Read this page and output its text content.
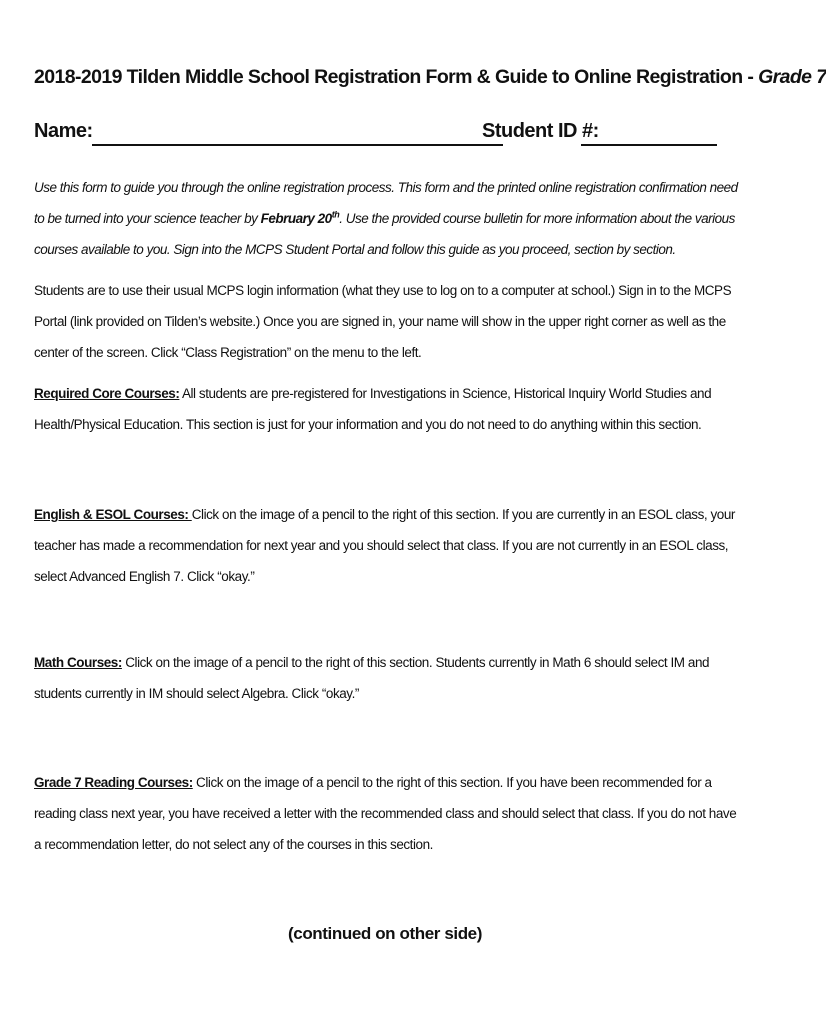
2018-2019 Tilden Middle School Registration Form & Guide to Online Registration - Grade 7
Name:	Student ID #:
Use this form to guide you through the online registration process. This form and the printed online registration confirmation need to be turned into your science teacher by February 20th. Use the provided course bulletin for more information about the various courses available to you. Sign into the MCPS Student Portal and follow this guide as you proceed, section by section.
Students are to use their usual MCPS login information (what they use to log on to a computer at school.) Sign in to the MCPS Portal (link provided on Tilden’s website.) Once you are signed in, your name will show in the upper right corner as well as the center of the screen. Click “Class Registration” on the menu to the left.
Required Core Courses: All students are pre-registered for Investigations in Science, Historical Inquiry World Studies and Health/Physical Education. This section is just for your information and you do not need to do anything within this section.
English & ESOL Courses: Click on the image of a pencil to the right of this section. If you are currently in an ESOL class, your teacher has made a recommendation for next year and you should select that class. If you are not currently in an ESOL class, select Advanced English 7. Click “okay.”
Math Courses: Click on the image of a pencil to the right of this section. Students currently in Math 6 should select IM and students currently in IM should select Algebra. Click “okay.”
Grade 7 Reading Courses: Click on the image of a pencil to the right of this section. If you have been recommended for a reading class next year, you have received a letter with the recommended class and should select that class. If you do not have a recommendation letter, do not select any of the courses in this section.
(continued on other side)
